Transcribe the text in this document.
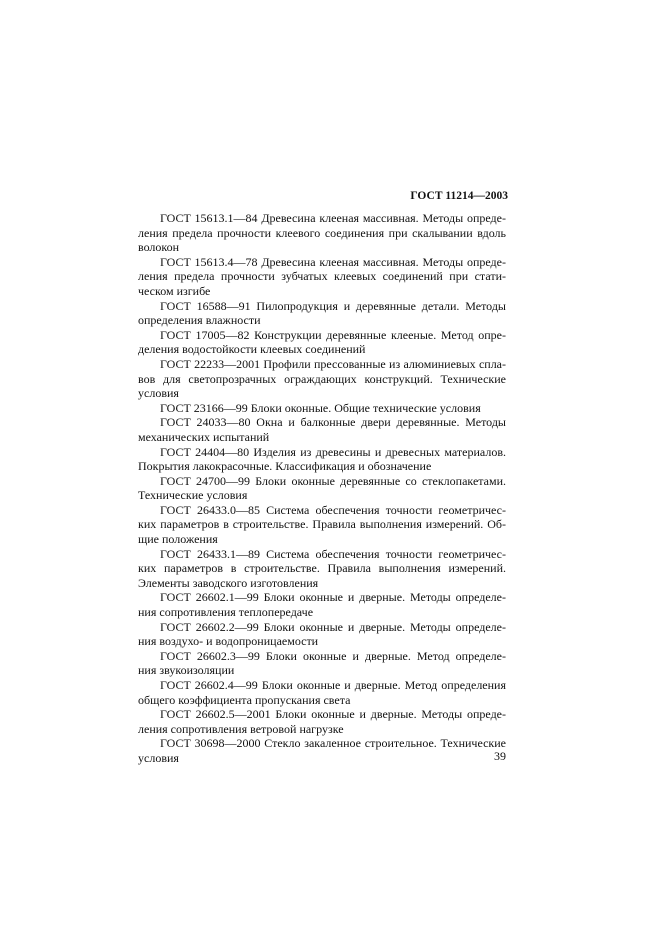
ГОСТ 11214—2003
ГОСТ 15613.1—84 Древесина клееная массивная. Методы опреде-
ления предела прочности клеевого соединения при скалывании вдоль
волокон
ГОСТ 15613.4—78 Древесина клееная массивная. Методы опреде-
ления предела прочности зубчатых клеевых соединений при стати-
ческом изгибе
ГОСТ 16588—91 Пилопродукция и деревянные детали. Методы
определения влажности
ГОСТ 17005—82 Конструкции деревянные клееные. Метод опре-
деления водостойкости клеевых соединений
ГОСТ 22233—2001 Профили прессованные из алюминиевых спла-
вов для светопрозрачных ограждающих конструкций. Технические
условия
ГОСТ 23166—99 Блоки оконные. Общие технические условия
ГОСТ 24033—80 Окна и балконные двери деревянные. Методы
механических испытаний
ГОСТ 24404—80 Изделия из древесины и древесных материалов.
Покрытия лакокрасочные. Классификация и обозначение
ГОСТ 24700—99 Блоки оконные деревянные со стеклопакетами.
Технические условия
ГОСТ 26433.0—85 Система обеспечения точности геометричес-
ких параметров в строительстве. Правила выполнения измерений. Об-
щие положения
ГОСТ 26433.1—89 Система обеспечения точности геометричес-
ких параметров в строительстве. Правила выполнения измерений.
Элементы заводского изготовления
ГОСТ 26602.1—99 Блоки оконные и дверные. Методы определе-
ния сопротивления теплопередаче
ГОСТ 26602.2—99 Блоки оконные и дверные. Методы определе-
ния воздухо- и водопроницаемости
ГОСТ 26602.3—99 Блоки оконные и дверные. Метод определе-
ния звукоизоляции
ГОСТ 26602.4—99 Блоки оконные и дверные. Метод определения
общего коэффициента пропускания света
ГОСТ 26602.5—2001 Блоки оконные и дверные. Методы опреде-
ления сопротивления ветровой нагрузке
ГОСТ 30698—2000 Стекло закаленное строительное. Технические
условия	39
